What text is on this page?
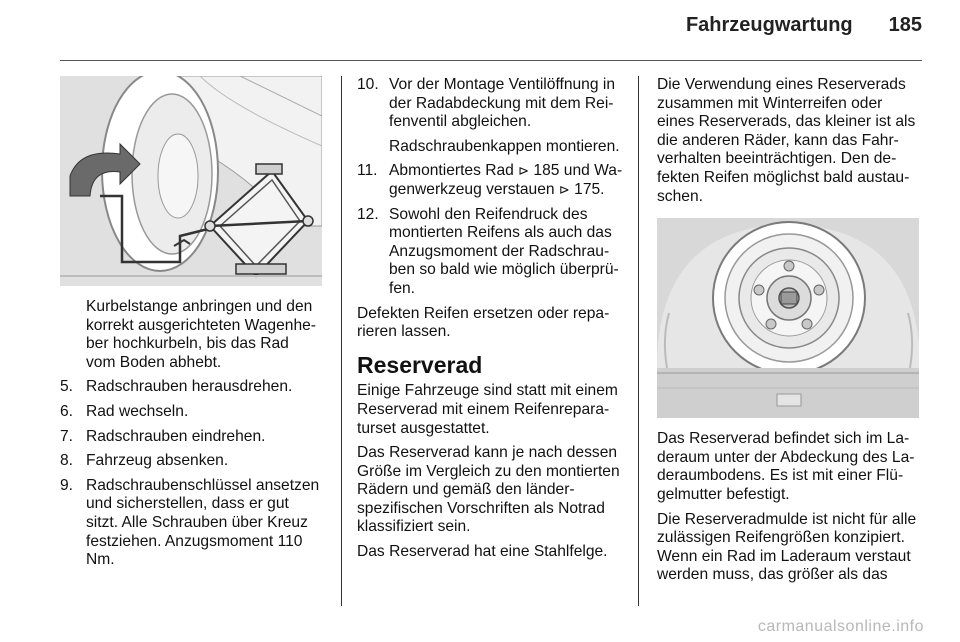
Fahrzeugwartung 185

Kurbelstange anbringen und den korrekt ausgerichteten Wagenheber hochkurbeln, bis das Rad vom Boden abhebt.

5. Radschrauben herausdrehen.
6. Rad wechseln.
7. Radschrauben eindrehen.
8. Fahrzeug absenken.
9. Radschraubenschlüssel ansetzen und sicherstellen, dass er gut sitzt. Alle Schrauben über Kreuz festziehen. Anzugsmoment 110 Nm.
10. Vor der Montage Ventilöffnung in der Radabdeckung mit dem Reifenventil abgleichen.

Radschraubenkappen montieren.

11. Abmontiertes Rad ⊳ 185 und Wagenwerkzeug verstauen ⊳ 175.
12. Sowohl den Reifendruck des montierten Reifens als auch das Anzugsmoment der Radschrauben so bald wie möglich überprüfen.

Defekten Reifen ersetzen oder reparieren lassen.

Reserverad

Einige Fahrzeuge sind statt mit einem Reserverad mit einem Reifenreparaturset ausgestattet.

Das Reserverad kann je nach dessen Größe im Vergleich zu den montierten Rädern und gemäß den länderspezifischen Vorschriften als Notrad klassifiziert sein.

Das Reserverad hat eine Stahlfelge.

Die Verwendung eines Reserverads zusammen mit Winterreifen oder eines Reserverads, das kleiner ist als die anderen Räder, kann das Fahrverhalten beeinträchtigen. Den defekten Reifen möglichst bald austauschen.

Das Reserverad befindet sich im Laderaum unter der Abdeckung des Laderaumbodens. Es ist mit einer Flügelmutter befestigt.

Die Reserveradmulde ist nicht für alle zulässigen Reifengrößen konzipiert. Wenn ein Rad im Laderaum verstaut werden muss, das größer als das

carmanualsonline.info
